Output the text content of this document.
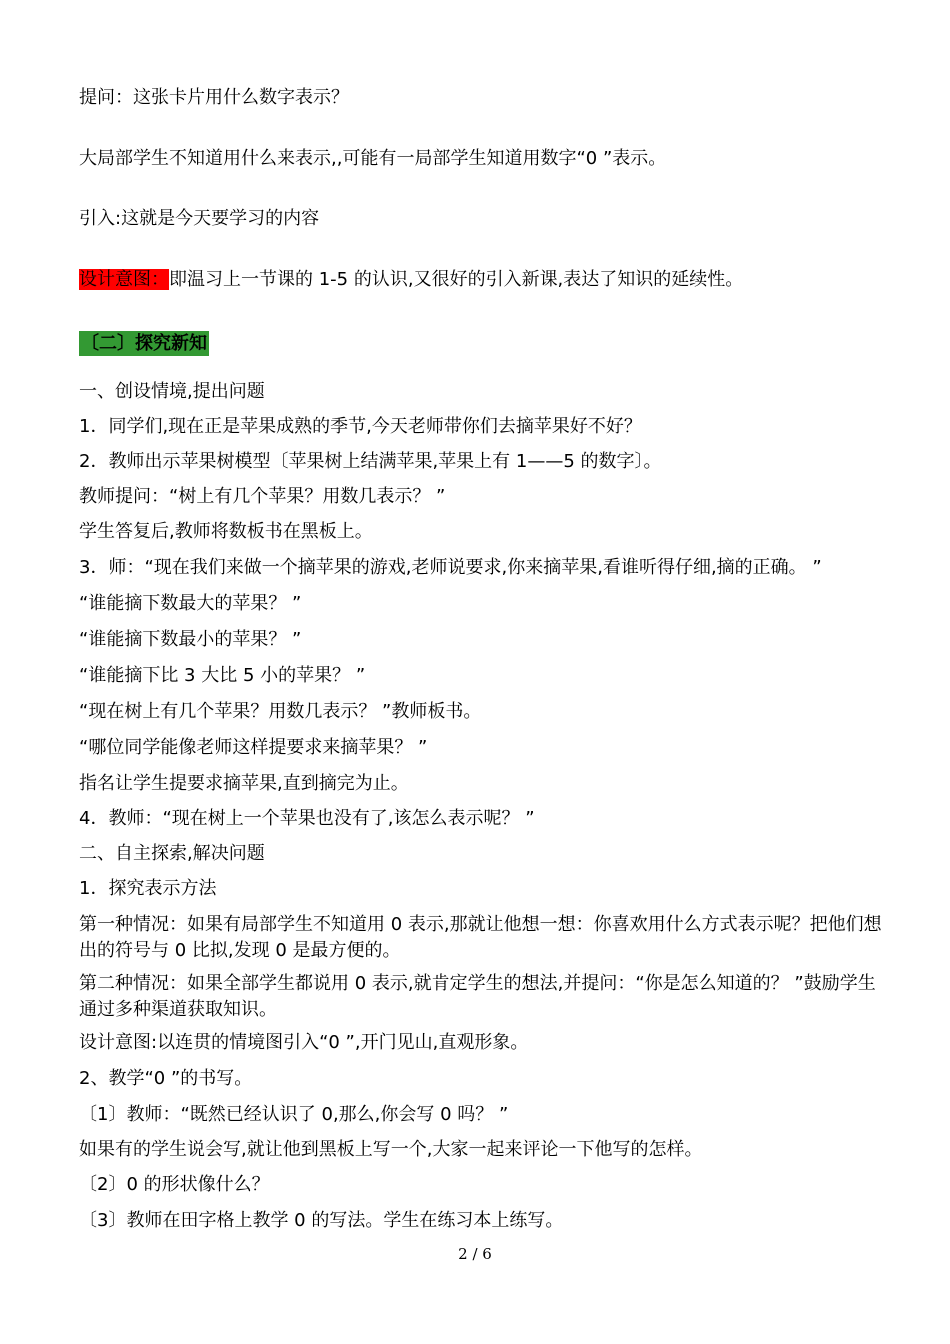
提问：这张卡片用什么数字表示？

大局部学生不知道用什么来表示,,可能有一局部学生知道用数字“0 ”表示。

引入:这就是今天要学习的内容

设计意图：即温习上一节课的 1-5 的认识,又很好的引入新课,表达了知识的延续性。

〔二〕探究新知

一、创设情境,提出问题

1．同学们,现在正是苹果成熟的季节,今天老师带你们去摘苹果好不好？

2．教师出示苹果树模型〔苹果树上结满苹果,苹果上有 1——5 的数字〕。

教师提问：“树上有几个苹果？用数几表示？ ”

学生答复后,教师将数板书在黑板上。

3．师：“现在我们来做一个摘苹果的游戏,老师说要求,你来摘苹果,看谁听得仔细,摘的正确。 ”

“谁能摘下数最大的苹果？ ”

“谁能摘下数最小的苹果？ ”

“谁能摘下比 3 大比 5 小的苹果？ ”

“现在树上有几个苹果？用数几表示？ ”教师板书。

“哪位同学能像老师这样提要求来摘苹果？ ”

指名让学生提要求摘苹果,直到摘完为止。

4．教师：“现在树上一个苹果也没有了,该怎么表示呢？ ”

二、自主探索,解决问题

1．探究表示方法

第一种情况：如果有局部学生不知道用 0 表示,那就让他想一想：你喜欢用什么方式表示呢？把他们想出的符号与 0 比拟,发现 0 是最方便的。

第二种情况：如果全部学生都说用 0 表示,就肯定学生的想法,并提问：“你是怎么知道的？ ”鼓励学生通过多种渠道获取知识。

设计意图:以连贯的情境图引入“0 ”,开门见山,直观形象。

2、教学“0 ”的书写。

〔1〕教师：“既然已经认识了 0,那么,你会写 0 吗？ ”

如果有的学生说会写,就让他到黑板上写一个,大家一起来评论一下他写的怎样。

〔2〕0 的形状像什么？

〔3〕教师在田字格上教学 0 的写法。学生在练习本上练写。

2 / 6
